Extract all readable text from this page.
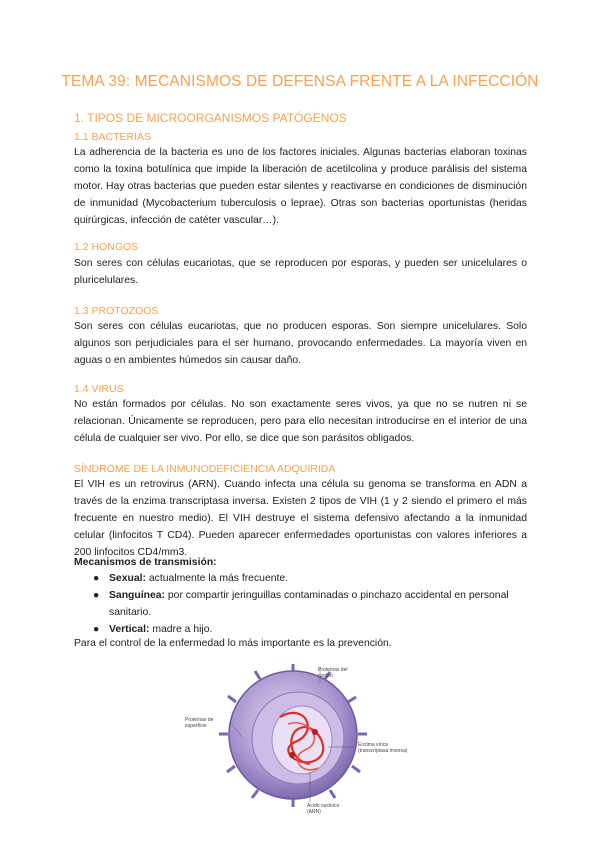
TEMA 39: MECANISMOS DE DEFENSA FRENTE A LA INFECCIÓN
1. TIPOS DE MICROORGANISMOS PATÓGENOS
1.1 BACTERIAS

La adherencia de la bacteria es uno de los factores iniciales. Algunas bacterias elaboran toxinas como la toxina botulínica que impide la liberación de acetilcolina y produce parálisis del sistema motor. Hay otras bacterias que pueden estar silentes y reactivarse en condiciones de disminución de inmunidad (Mycobacterium tuberculosis o leprae). Otras son bacterias oportunistas (heridas quirúrgicas, infección de catéter vascular…).

1.2 HONGOS

Son seres con células eucariotas, que se reproducen por esporas, y pueden ser unicelulares o pluricelulares.

1.3 PROTOZOOS

Son seres con células eucariotas, que no producen esporas. Son siempre unicelulares. Solo algunos son perjudiciales para el ser humano, provocando enfermedades. La mayoría viven en aguas o en ambientes húmedos sin causar daño.

1.4 VIRUS

No están formados por células. No son exactamente seres vivos, ya que no se nutren ni se relacionan. Únicamente se reproducen, pero para ello necesitan introducirse en el interior de una célula de cualquier ser vivo. Por ello, se dice que son parásitos obligados.

SÍNDROME DE LA INMUNODEFICIENCIA ADQUIRIDA

El VIH es un retrovirus (ARN). Cuando infecta una célula su genoma se transforma en ADN a través de la enzima transcriptasa inversa. Existen 2 tipos de VIH (1 y 2 siendo el primero el más frecuente en nuestro medio). El VIH destruye el sistema defensivo afectando a la inmunidad celular (linfocitos T CD4). Pueden aparecer enfermedades oportunistas con valores inferiores a 200 linfocitos CD4/mm3.

Mecanismos de transmisión:
● Sexual: actualmente la más frecuente.
● Sanguínea: por compartir jeringuillas contaminadas o pinchazo accidental en personal sanitario.
● Vertical: madre a hijo.

Para el control de la enfermedad lo más importante es la prevención.

Proteínas del núcleo
Proteínas de superficie
Enzima vírica (transcriptasa inversa)
Ácido nucleico (ARN)
